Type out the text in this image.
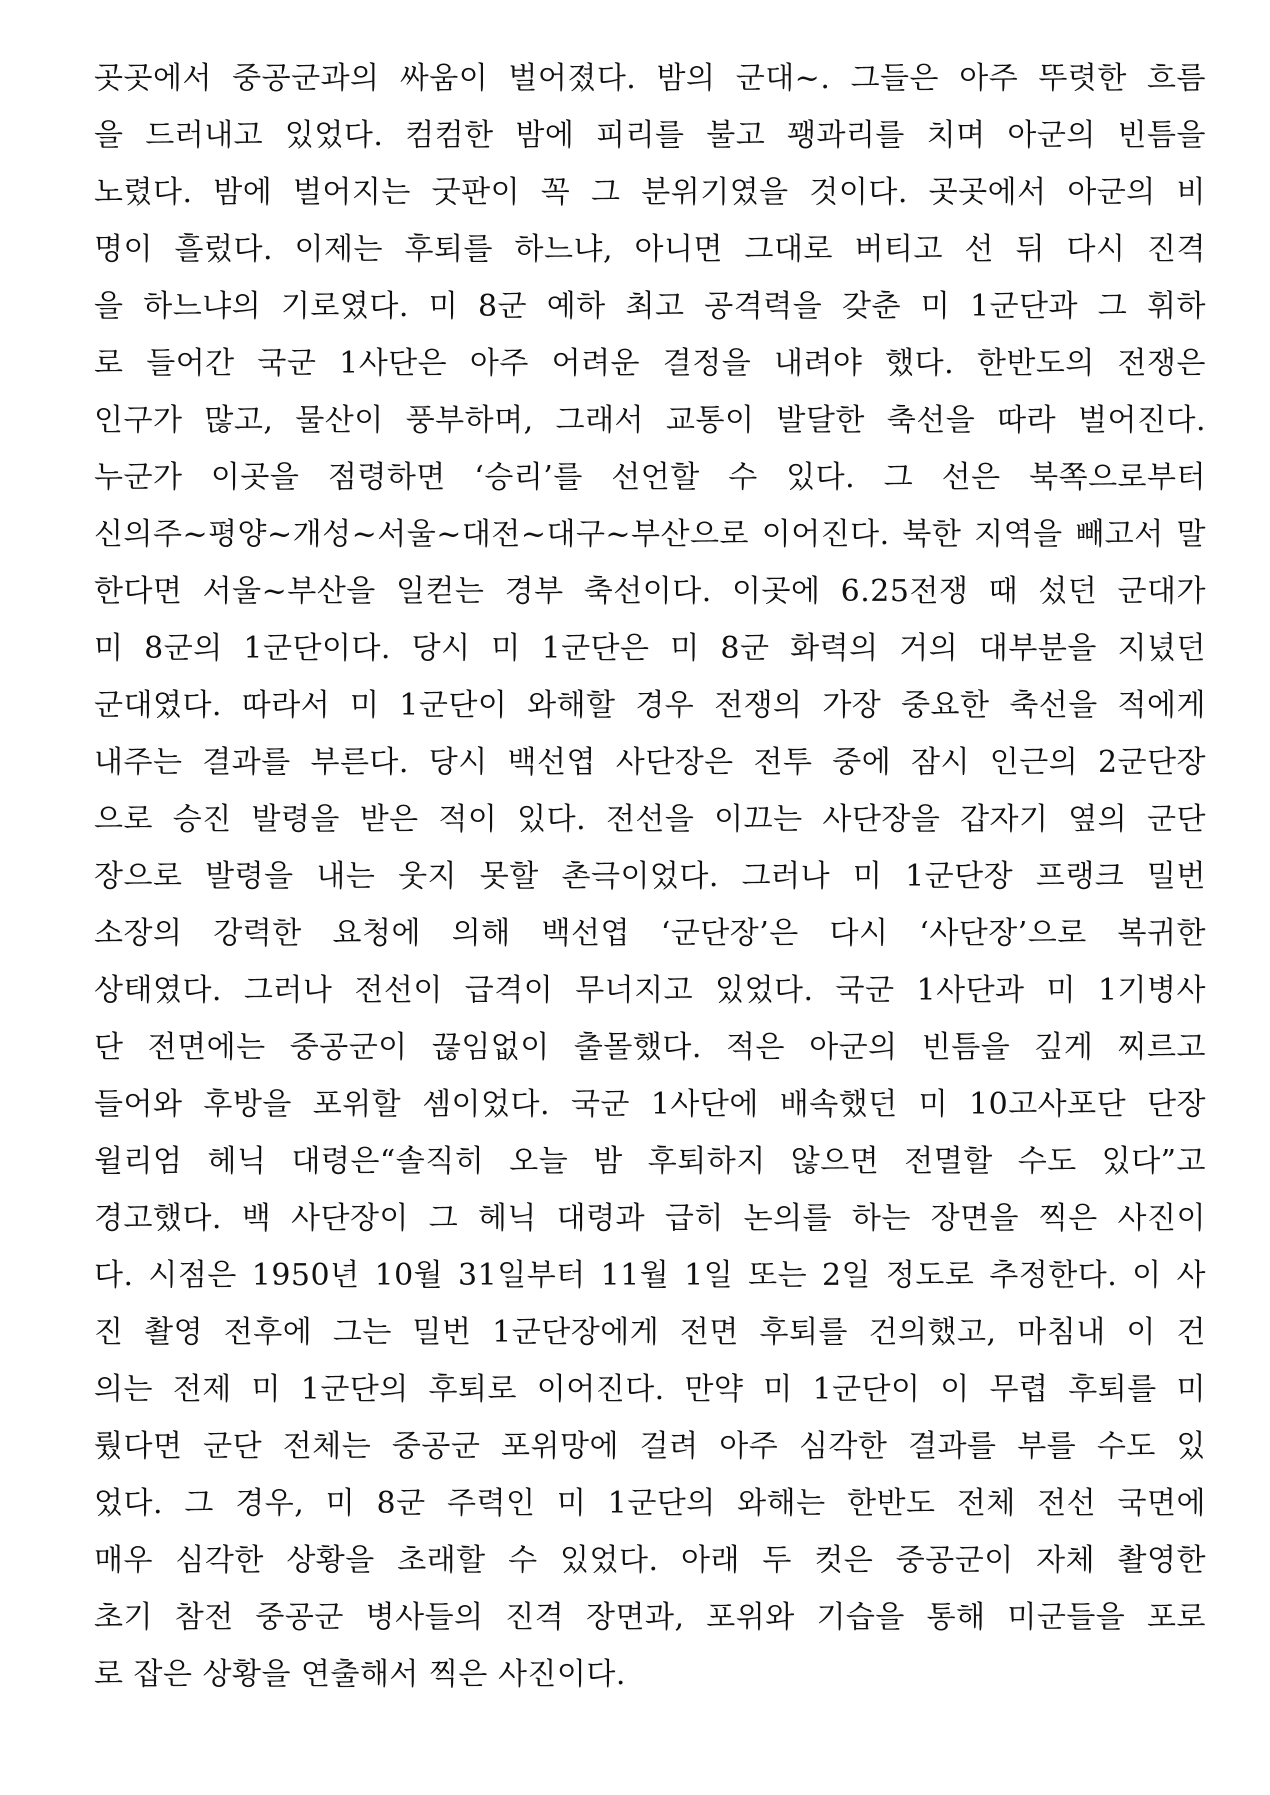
곳곳에서 중공군과의 싸움이 벌어졌다. 밤의 군대~. 그들은 아주 뚜렷한 흐름
을 드러내고 있었다. 컴컴한 밤에 피리를 불고 꽹과리를 치며 아군의 빈틈을
노렸다. 밤에 벌어지는 굿판이 꼭 그 분위기였을 것이다. 곳곳에서 아군의 비
명이 흘렀다. 이제는 후퇴를 하느냐, 아니면 그대로 버티고 선 뒤 다시 진격
을 하느냐의 기로였다. 미 8군 예하 최고 공격력을 갖춘 미 1군단과 그 휘하
로 들어간 국군 1사단은 아주 어려운 결정을 내려야 했다. 한반도의 전쟁은
인구가 많고, 물산이 풍부하며, 그래서 교통이 발달한 축선을 따라 벌어진다.
누군가 이곳을 점령하면 ‘승리’를 선언할 수 있다. 그 선은 북쪽으로부터
신의주~평양~개성~서울~대전~대구~부산으로 이어진다. 북한 지역을 빼고서 말
한다면 서울~부산을 일컫는 경부 축선이다. 이곳에 6.25전쟁 때 섰던 군대가
미 8군의 1군단이다. 당시 미 1군단은 미 8군 화력의 거의 대부분을 지녔던
군대였다. 따라서 미 1군단이 와해할 경우 전쟁의 가장 중요한 축선을 적에게
내주는 결과를 부른다. 당시 백선엽 사단장은 전투 중에 잠시 인근의 2군단장
으로 승진 발령을 받은 적이 있다. 전선을 이끄는 사단장을 갑자기 옆의 군단
장으로 발령을 내는 웃지 못할 촌극이었다. 그러나 미 1군단장 프랭크 밀번
소장의 강력한 요청에 의해 백선엽 ‘군단장’은 다시 ‘사단장’으로 복귀한
상태였다. 그러나 전선이 급격이 무너지고 있었다. 국군 1사단과 미 1기병사
단 전면에는 중공군이 끊임없이 출몰했다. 적은 아군의 빈틈을 깊게 찌르고
들어와 후방을 포위할 셈이었다. 국군 1사단에 배속했던 미 10고사포단 단장
윌리엄 헤닉 대령은“솔직히 오늘 밤 후퇴하지 않으면 전멸할 수도 있다”고
경고했다. 백 사단장이 그 헤닉 대령과 급히 논의를 하는 장면을 찍은 사진이
다. 시점은 1950년 10월 31일부터 11월 1일 또는 2일 정도로 추정한다. 이 사
진 촬영 전후에 그는 밀번 1군단장에게 전면 후퇴를 건의했고, 마침내 이 건
의는 전제 미 1군단의 후퇴로 이어진다. 만약 미 1군단이 이 무렵 후퇴를 미
뤘다면 군단 전체는 중공군 포위망에 걸려 아주 심각한 결과를 부를 수도 있
었다. 그 경우, 미 8군 주력인 미 1군단의 와해는 한반도 전체 전선 국면에
매우 심각한 상황을 초래할 수 있었다. 아래 두 컷은 중공군이 자체 촬영한
초기 참전 중공군 병사들의 진격 장면과, 포위와 기습을 통해 미군들을 포로
로 잡은 상황을 연출해서 찍은 사진이다.
